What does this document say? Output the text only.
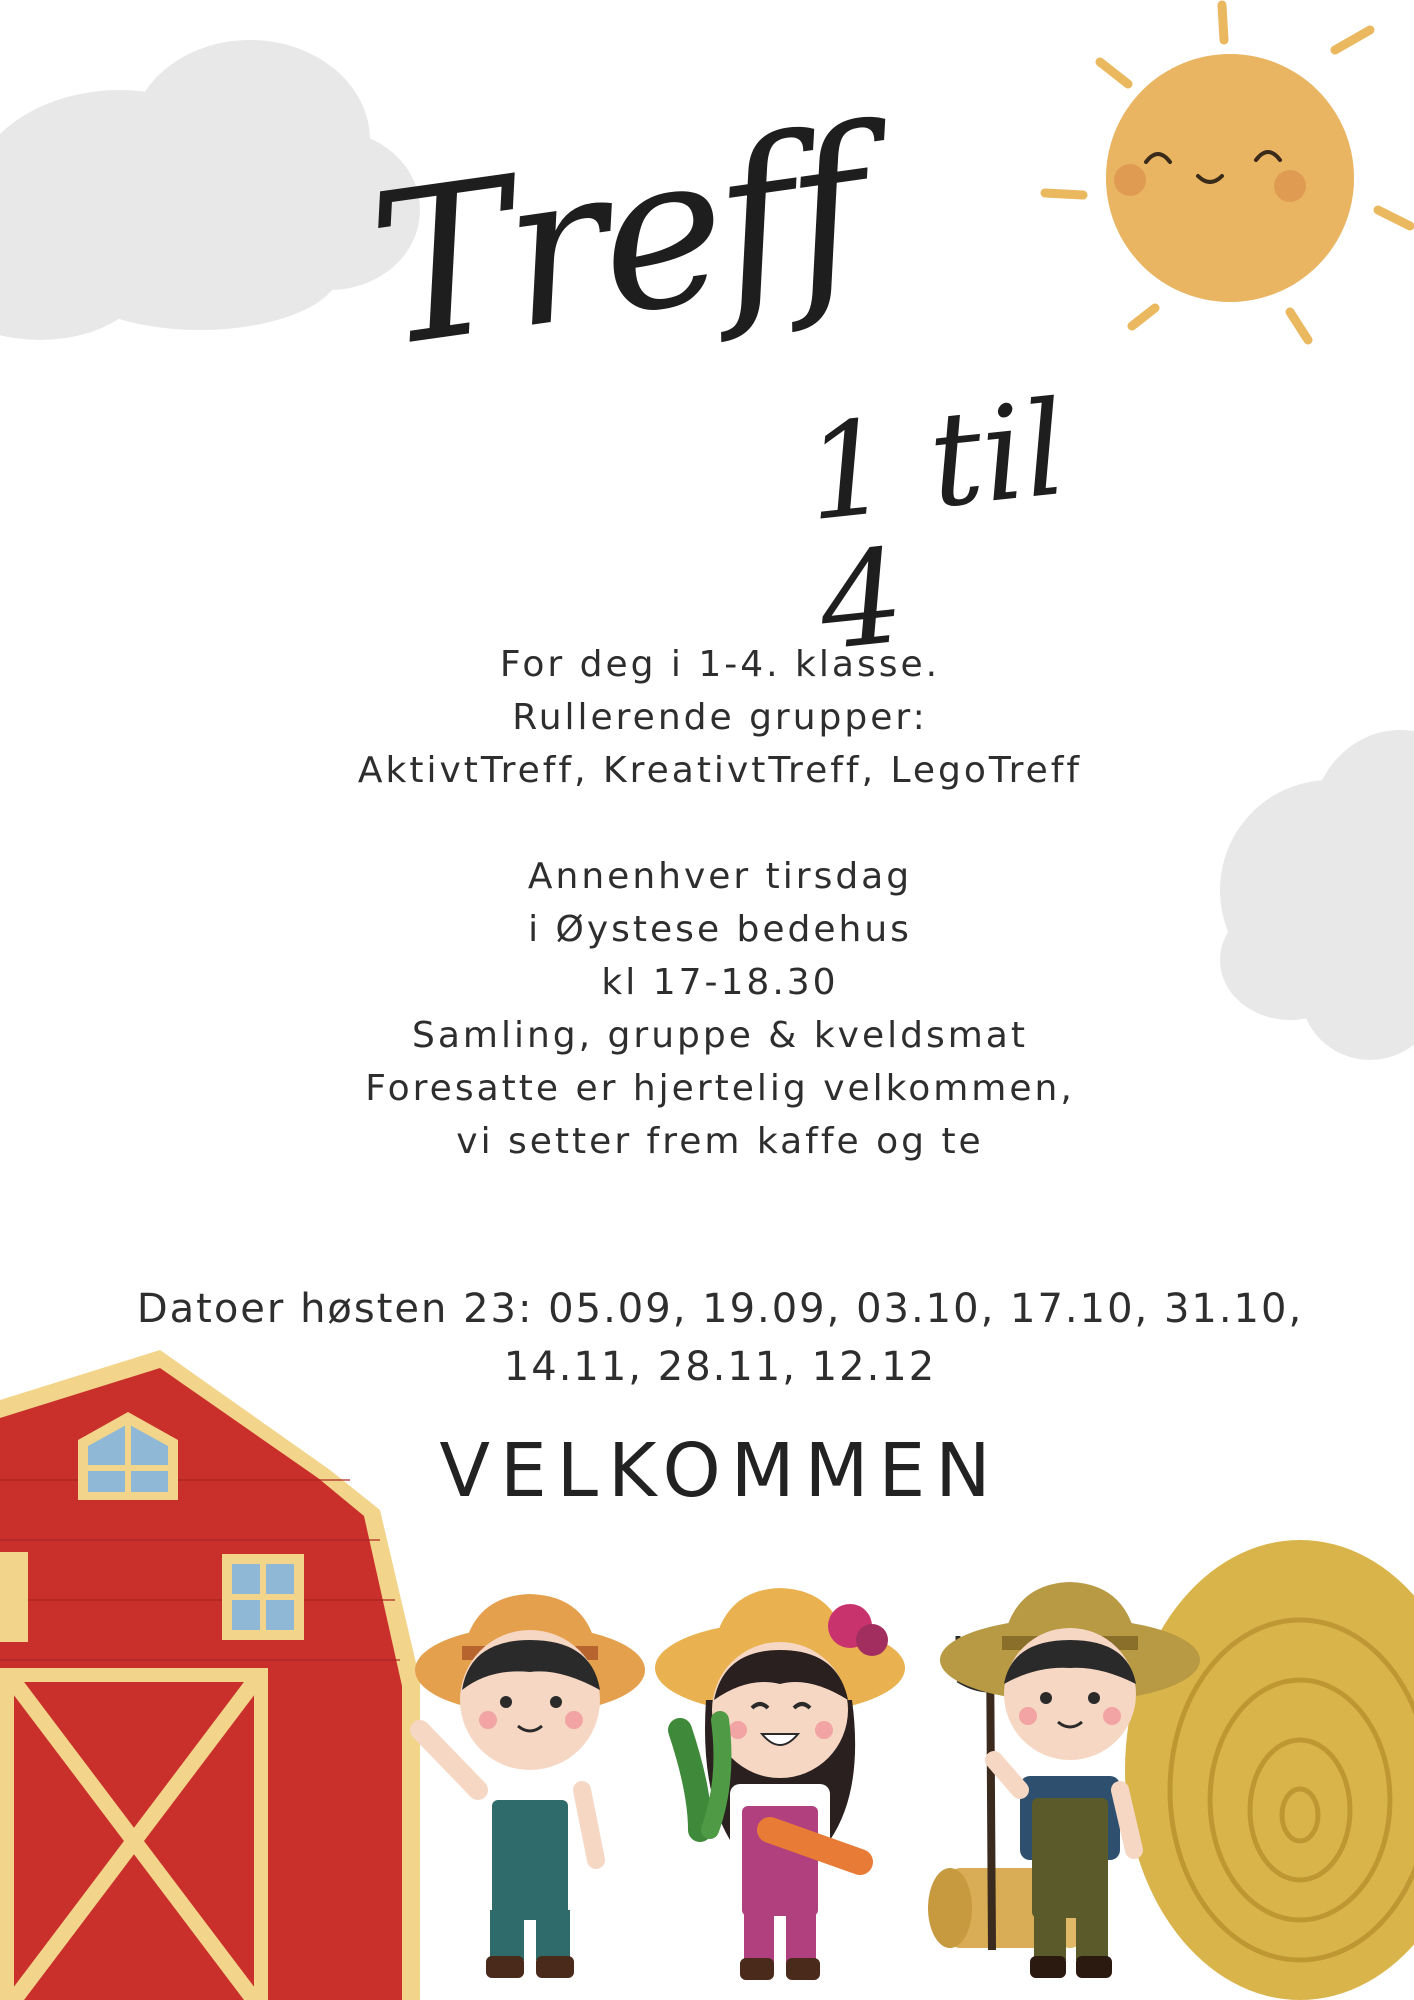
Treff
1 til 4

For deg i 1-4. klasse.

Rullerende grupper:

AktivtTreff, KreativtTreff, LegoTreff

Annenhver tirsdag

i Øystese bedehus

kl 17-18.30

Samling, gruppe & kveldsmat

Foresatte er hjertelig velkommen,

vi setter frem kaffe og te

Datoer høsten 23: 05.09, 19.09, 03.10, 17.10, 31.10,
14.11, 28.11, 12.12
VELKOMMEN
